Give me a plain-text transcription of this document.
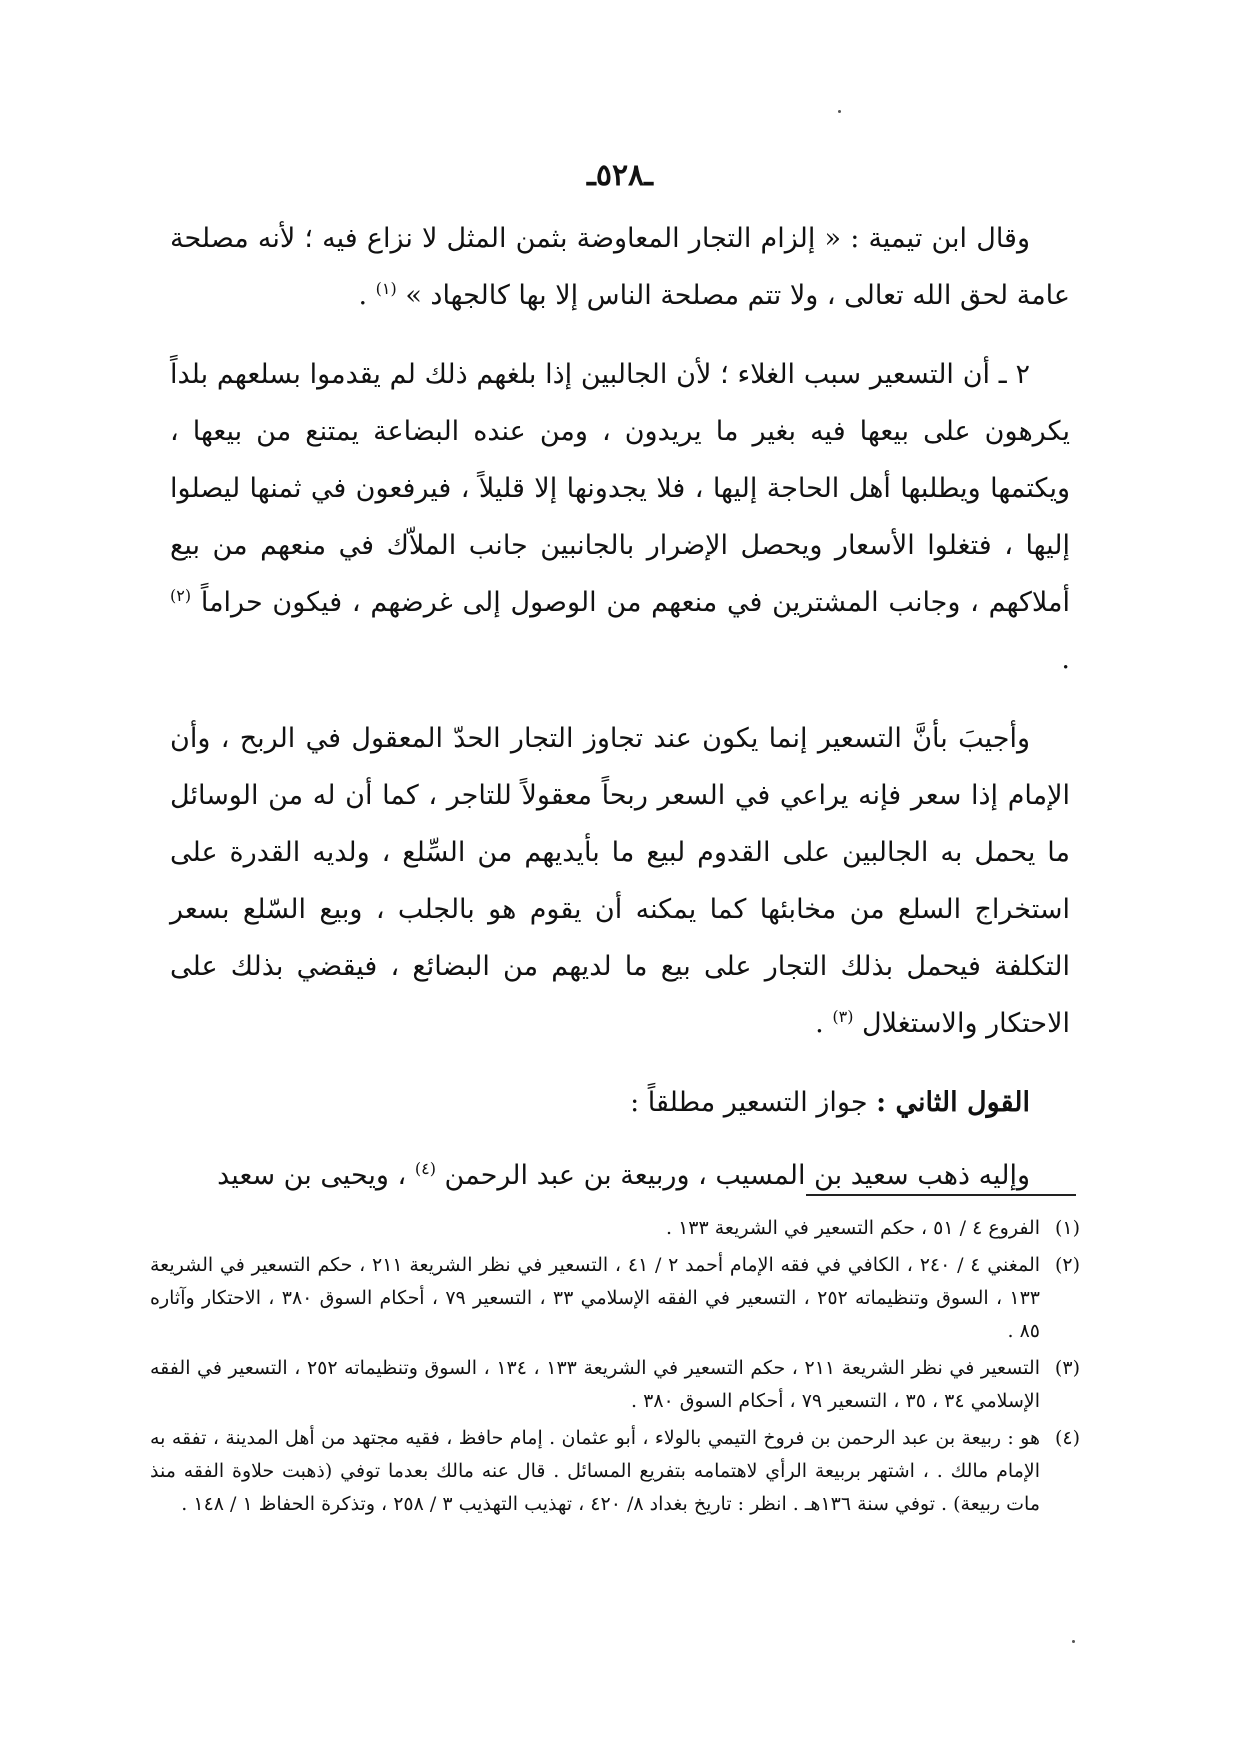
ـ٥٢٨ـ

وقال ابن تيمية : « إلزام التجار المعاوضة بثمن المثل لا نزاع فيه ؛ لأنه مصلحة عامة لحق الله تعالى ، ولا تتم مصلحة الناس إلا بها كالجهاد » $^{(١)}$ .

٢ ـ أن التسعير سبب الغلاء ؛ لأن الجالبين إذا بلغهم ذلك لم يقدموا بسلعهم بلداً يكرهون على بيعها فيه بغير ما يريدون ، ومن عنده البضاعة يمتنع من بيعها ، ويكتمها ويطلبها أهل الحاجة إليها ، فلا يجدونها إلا قليلاً ، فيرفعون في ثمنها ليصلوا إليها ، فتغلوا الأسعار ويحصل الإضرار بالجانبين جانب الملاّك في منعهم من بيع أملاكهم ، وجانب المشترين في منعهم من الوصول إلى غرضهم ، فيكون حراماً $^{(٢)}$ .

وأجيبَ بأنَّ التسعير إنما يكون عند تجاوز التجار الحدّ المعقول في الربح ، وأن الإمام إذا سعر فإنه يراعي في السعر ربحاً معقولاً للتاجر ، كما أن له من الوسائل ما يحمل به الجالبين على القدوم لبيع ما بأيديهم من السِّلع ، ولديه القدرة على استخراج السلع من مخابئها كما يمكنه أن يقوم هو بالجلب ، وبيع السّلع بسعر التكلفة فيحمل بذلك التجار على بيع ما لديهم من البضائع ، فيقضي بذلك على الاحتكار والاستغلال $^{(٣)}$ .

القول الثاني : جواز التسعير مطلقاً :

وإليه ذهب سعيد بن المسيب ، وربيعة بن عبد الرحمن $^{(٤)}$ ، ويحيى بن سعيد

(١)الفروع ٤ / ٥١ ، حكم التسعير في الشريعة ١٣٣ .
(٢)المغني ٤ / ٢٤٠ ، الكافي في فقه الإمام أحمد ٢ / ٤١ ، التسعير في نظر الشريعة ٢١١ ، حكم التسعير في الشريعة ١٣٣ ، السوق وتنظيماته ٢٥٢ ، التسعير في الفقه الإسلامي ٣٣ ، التسعير ٧٩ ، أحكام السوق ٣٨٠ ، الاحتكار وآثاره ٨٥ .
(٣)التسعير في نظر الشريعة ٢١١ ، حكم التسعير في الشريعة ١٣٣ ، ١٣٤ ، السوق وتنظيماته ٢٥٢ ، التسعير في الفقه الإسلامي ٣٤ ، ٣٥ ، التسعير ٧٩ ، أحكام السوق ٣٨٠ .
(٤)هو : ربيعة بن عبد الرحمن بن فروخ التيمي بالولاء ، أبو عثمان . إمام حافظ ، فقيه مجتهد من أهل المدينة ، تفقه به الإمام مالك . ، اشتهر بربيعة الرأي لاهتمامه بتفريع المسائل . قال عنه مالك بعدما توفي (ذهبت حلاوة الفقه منذ مات ربيعة) . توفي سنة ١٣٦هـ . انظر : تاريخ بغداد ٨/ ٤٢٠ ، تهذيب التهذيب ٣ / ٢٥٨ ، وتذكرة الحفاظ ١ / ١٤٨ .
